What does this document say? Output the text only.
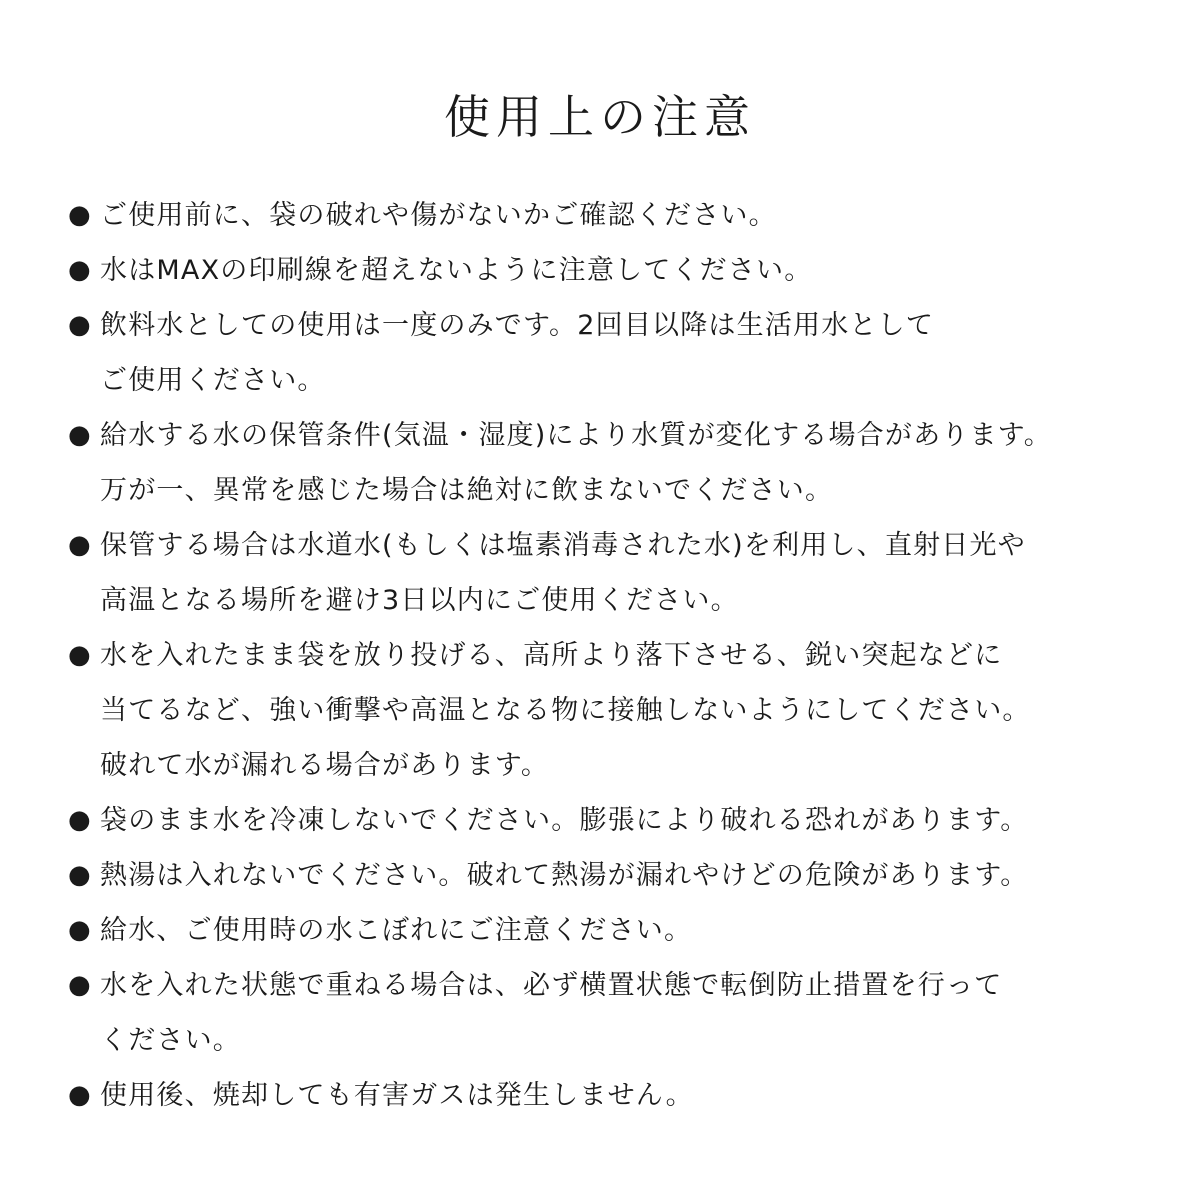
使用上の注意
● ご使用前に、袋の破れや傷がないかご確認ください。
● 水はMAXの印刷線を超えないように注意してください。
● 飲料水としての使用は一度のみです。2回目以降は生活用水として
ご使用ください。
● 給水する水の保管条件(気温・湿度)により水質が変化する場合があります。
万が一、異常を感じた場合は絶対に飲まないでください。
● 保管する場合は水道水(もしくは塩素消毒された水)を利用し、直射日光や
高温となる場所を避け3日以内にご使用ください。
● 水を入れたまま袋を放り投げる、高所より落下させる、鋭い突起などに
当てるなど、強い衝撃や高温となる物に接触しないようにしてください。
破れて水が漏れる場合があります。
● 袋のまま水を冷凍しないでください。膨張により破れる恐れがあります。
● 熱湯は入れないでください。破れて熱湯が漏れやけどの危険があります。
● 給水、ご使用時の水こぼれにご注意ください。
● 水を入れた状態で重ねる場合は、必ず横置状態で転倒防止措置を行って
ください。
● 使用後、焼却しても有害ガスは発生しません。
